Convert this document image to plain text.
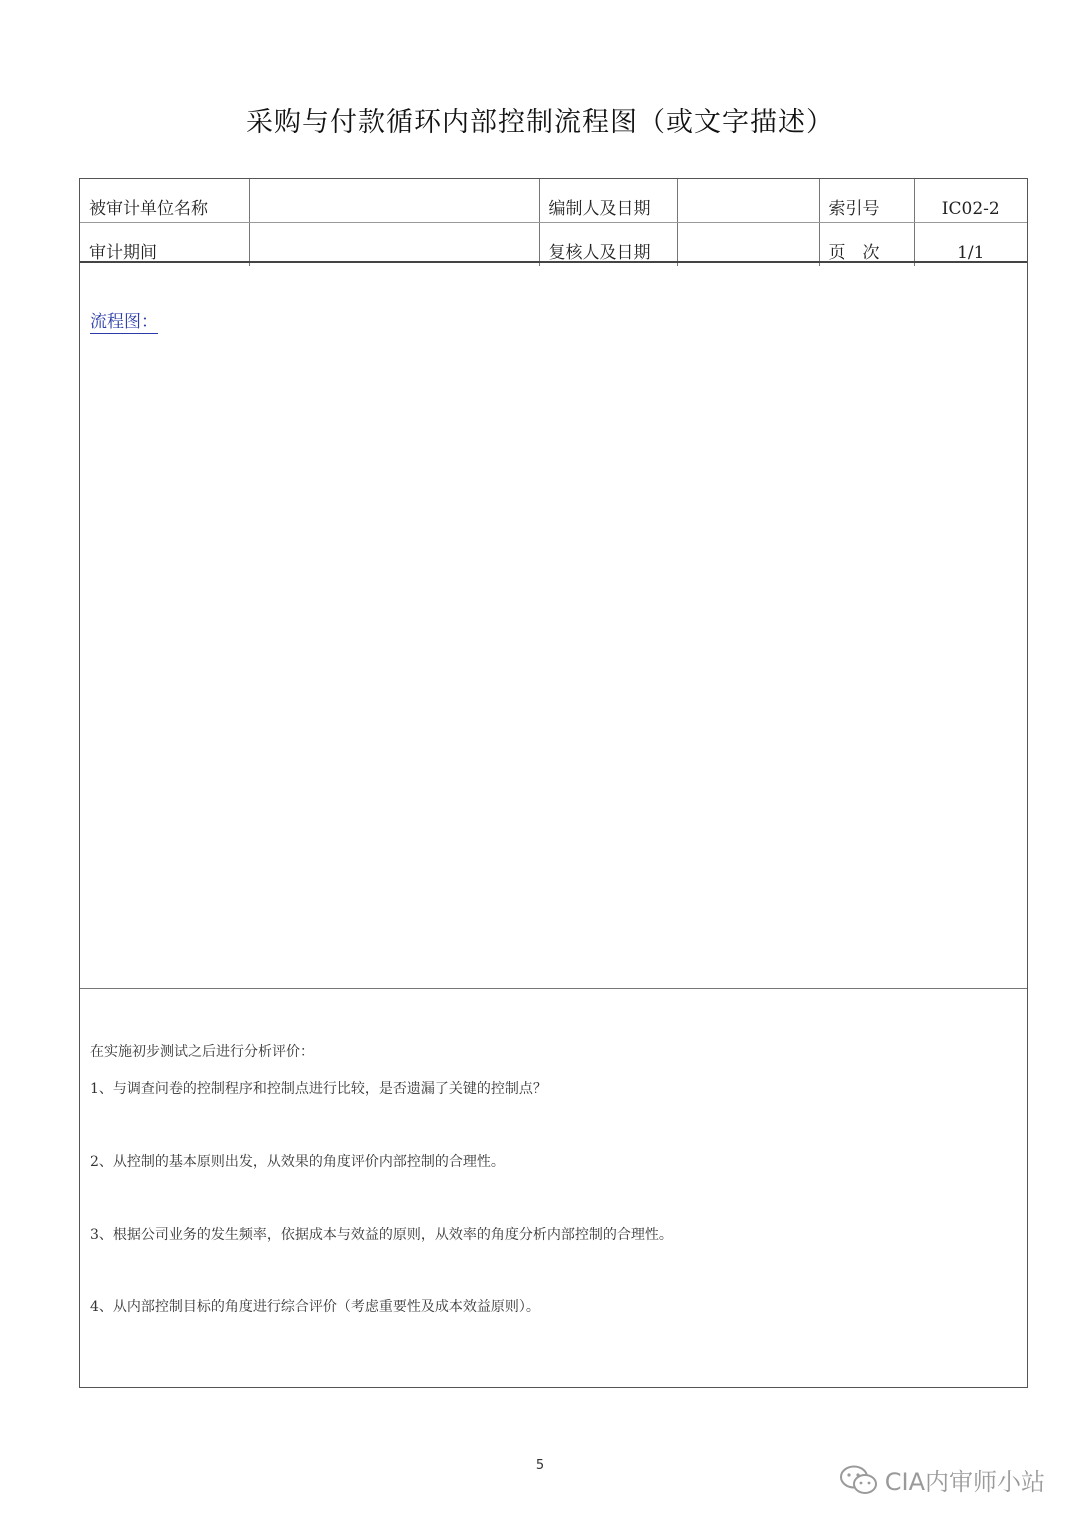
采购与付款循环内部控制流程图（或文字描述）
被审计单位名称		编制人及日期		索引号	IC02-2
审计期间		复核人及日期		页　次	1/1
流程图：
在实施初步测试之后进行分析评价：
1、与调查问卷的控制程序和控制点进行比较，是否遗漏了关键的控制点？
2、从控制的基本原则出发，从效果的角度评价内部控制的合理性。
3、根据公司业务的发生频率，依据成本与效益的原则，从效率的角度分析内部控制的合理性。
4、从内部控制目标的角度进行综合评价（考虑重要性及成本效益原则）。
5
CIA内审师小站
